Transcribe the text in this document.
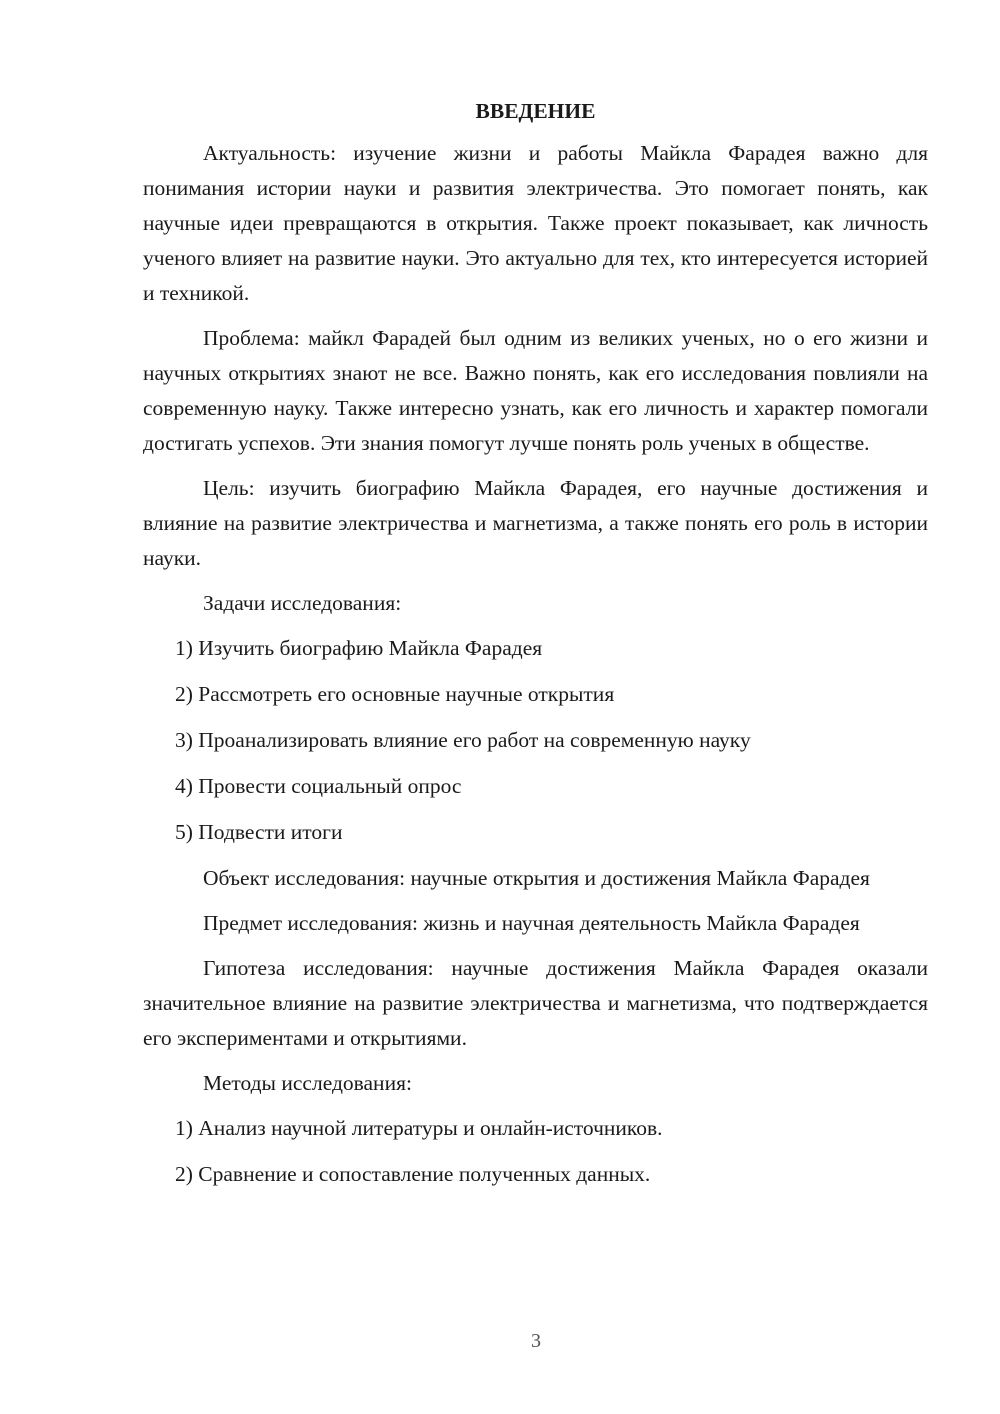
ВВЕДЕНИЕ

Актуальность: изучение жизни и работы Майкла Фарадея важно для понимания истории науки и развития электричества. Это помогает понять, как научные идеи превращаются в открытия. Также проект показывает, как личность ученого влияет на развитие науки. Это актуально для тех, кто интересуется историей и техникой.

Проблема: майкл Фарадей был одним из великих ученых, но о его жизни и научных открытиях знают не все. Важно понять, как его исследования повлияли на современную науку. Также интересно узнать, как его личность и характер помогали достигать успехов. Эти знания помогут лучше понять роль ученых в обществе.

Цель: изучить биографию Майкла Фарадея, его научные достижения и влияние на развитие электричества и магнетизма, а также понять его роль в истории науки.

Задачи исследования:

1) Изучить биографию Майкла Фарадея
2) Рассмотреть его основные научные открытия
3) Проанализировать влияние его работ на современную науку
4) Провести социальный опрос
5) Подвести итоги

Объект исследования: научные открытия и достижения Майкла Фарадея

Предмет исследования: жизнь и научная деятельность Майкла Фарадея

Гипотеза исследования: научные достижения Майкла Фарадея оказали значительное влияние на развитие электричества и магнетизма, что подтверждается его экспериментами и открытиями.

Методы исследования:

1) Анализ научной литературы и онлайн-источников.
2) Сравнение и сопоставление полученных данных.
3
